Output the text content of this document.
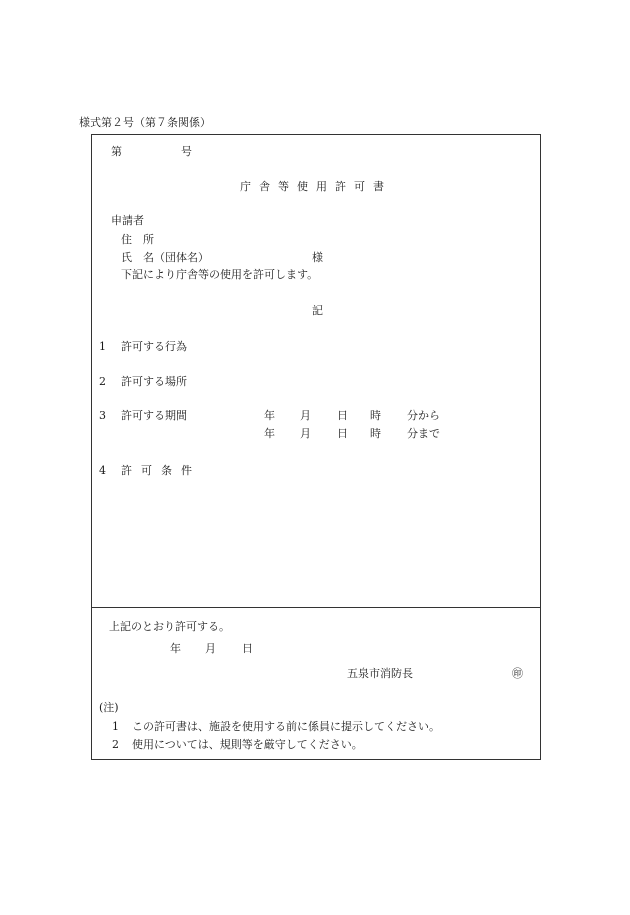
様式第２号（第７条関係）
第	号
庁舎等使用許可書
申請者
住　所
氏　名（団体名）	様
下記により庁舎等の使用を許可します。
記
1 許可する行為
2 許可する場所
3 許可する期間	年 月 日 時 分から
年 月 日 時 分まで
4 許可条件
上記のとおり許可する。
年 月 日
五泉市消防長	㊞
(注)
1 この許可書は、施設を使用する前に係員に提示してください。
2 使用については、規則等を厳守してください。
